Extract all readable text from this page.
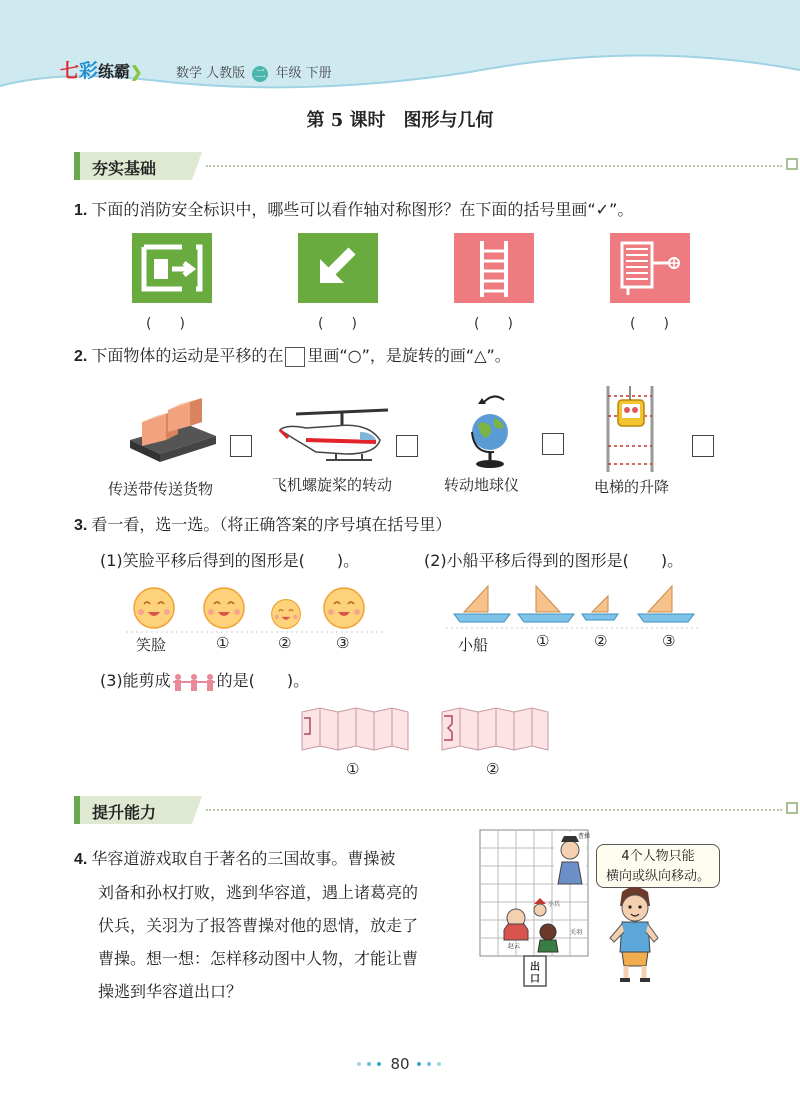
七彩练霸❯	数学 人教版 二 年级 下册
第 5 课时　图形与几何
夯实基础
1. 下面的消防安全标识中，哪些可以看作轴对称图形？在下面的括号里画“✓”。
(　　)	(　　)	(　　)	(　　)
2. 下面物体的运动是平移的在 里画“○”，是旋转的画“△”。
传送带传送货物	飞机螺旋桨的转动	转动地球仪	电梯的升降
3. 看一看，选一选。（将正确答案的序号填在括号里）
(1)笑脸平移后得到的图形是(　　)。	(2)小船平移后得到的图形是(　　)。
笑脸	①	②	③	小船	①	②	③
(3)能剪成	的是(　　)。
①	②
提升能力
4. 华容道游戏取自于著名的三国故事。曹操被
刘备和孙权打败，逃到华容道，遇上诸葛亮的
伏兵，关羽为了报答曹操对他的恩情，放走了
曹操。想一想：怎样移动图中人物，才能让曹
操逃到华容道出口？
出
口
曹操
赵云
小兵
关羽
4个人物只能
横向或纵向移动。
80
